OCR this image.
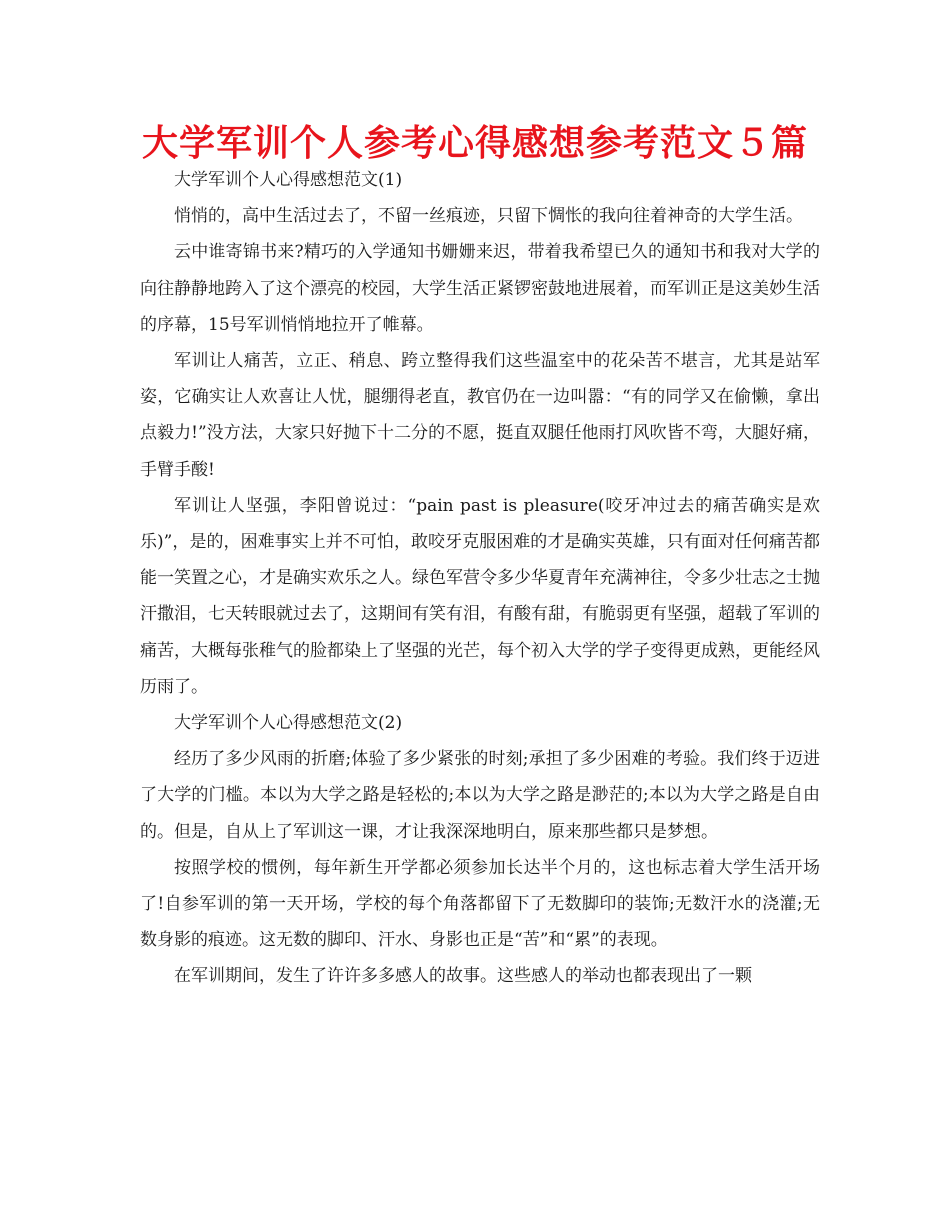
大学军训个人参考心得感想参考范文５篇

大学军训个人心得感想范文(1)

悄悄的，高中生活过去了，不留一丝痕迹，只留下惆怅的我向往着神奇的大学生活。

云中谁寄锦书来?精巧的入学通知书姗姗来迟，带着我希望已久的通知书和我对大学的向往静静地跨入了这个漂亮的校园，大学生活正紧锣密鼓地进展着，而军训正是这美妙生活的序幕，15号军训悄悄地拉开了帷幕。

军训让人痛苦，立正、稍息、跨立整得我们这些温室中的花朵苦不堪言，尤其是站军姿，它确实让人欢喜让人忧，腿绷得老直，教官仍在一边叫嚣：“有的同学又在偷懒，拿出点毅力!”没方法，大家只好抛下十二分的不愿，挺直双腿任他雨打风吹皆不弯，大腿好痛，手臂手酸!

军训让人坚强，李阳曾说过：“pain past is pleasure(咬牙冲过去的痛苦确实是欢乐)”，是的，困难事实上并不可怕，敢咬牙克服困难的才是确实英雄，只有面对任何痛苦都能一笑置之心，才是确实欢乐之人。绿色军营令多少华夏青年充满神往，令多少壮志之士抛汗撒泪，七天转眼就过去了，这期间有笑有泪，有酸有甜，有脆弱更有坚强，超载了军训的痛苦，大概每张稚气的脸都染上了坚强的光芒，每个初入大学的学子变得更成熟，更能经风历雨了。

大学军训个人心得感想范文(2)

经历了多少风雨的折磨;体验了多少紧张的时刻;承担了多少困难的考验。我们终于迈进了大学的门槛。本以为大学之路是轻松的;本以为大学之路是渺茫的;本以为大学之路是自由的。但是，自从上了军训这一课，才让我深深地明白，原来那些都只是梦想。

按照学校的惯例，每年新生开学都必须参加长达半个月的，这也标志着大学生活开场了!自参军训的第一天开场，学校的每个角落都留下了无数脚印的装饰;无数汗水的浇灌;无数身影的痕迹。这无数的脚印、汗水、身影也正是“苦”和“累”的表现。

在军训期间，发生了许许多多感人的故事。这些感人的举动也都表现出了一颗
